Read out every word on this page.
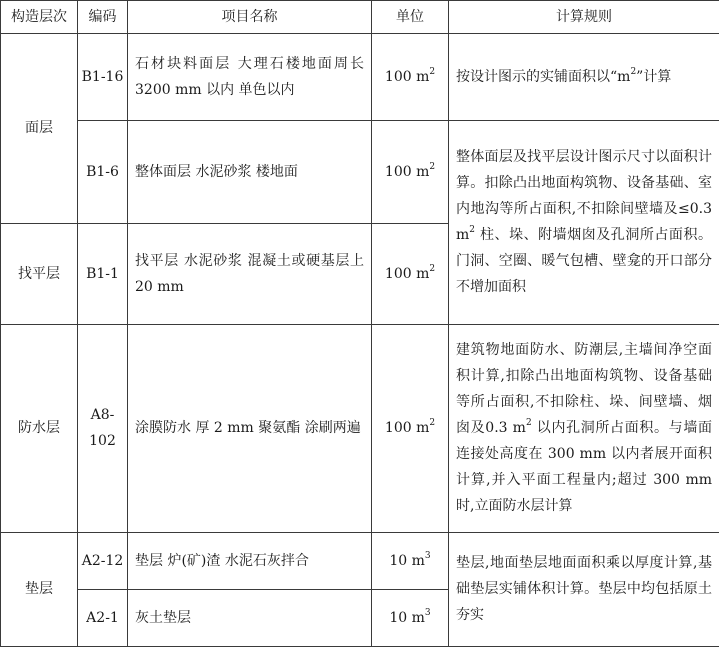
构造层次	编码	项目名称	单位	计算规则
面层	B1-16	石材块料面层 大理石楼地面周长 3200 mm 以内 单色以内	100 $m^2$	按设计图示的实铺面积以“$m^2$”计算
	B1-6	整体面层 水泥砂浆 楼地面	100 $m^2$	整体面层及找平层设计图示尺寸以面积计算。扣除凸出地面构筑物、设备基础、室内地沟等所占面积,不扣除间壁墙及≤0.3 $m^2$ 柱、垛、附墙烟囱及孔洞所占面积。门洞、空圈、暖气包槽、壁龛的开口部分不增加面积
找平层	B1-1	找平层 水泥砂浆 混凝土或硬基层上 20 mm	100 $m^2$
防水层	A8-102	涂膜防水 厚 2 mm 聚氨酯 涂刷两遍	100 $m^2$	建筑物地面防水、防潮层,主墙间净空面积计算,扣除凸出地面构筑物、设备基础等所占面积,不扣除柱、垛、间壁墙、烟囱及0.3 $m^2$ 以内孔洞所占面积。与墙面连接处高度在 300 mm 以内者展开面积计算,并入平面工程量内;超过 300 mm 时,立面防水层计算
垫层	A2-12	垫层 炉(矿)渣 水泥石灰拌合	10 $m^3$	垫层,地面垫层地面面积乘以厚度计算,基础垫层实铺体积计算。垫层中均包括原土夯实
	A2-1	灰土垫层	10 $m^3$
